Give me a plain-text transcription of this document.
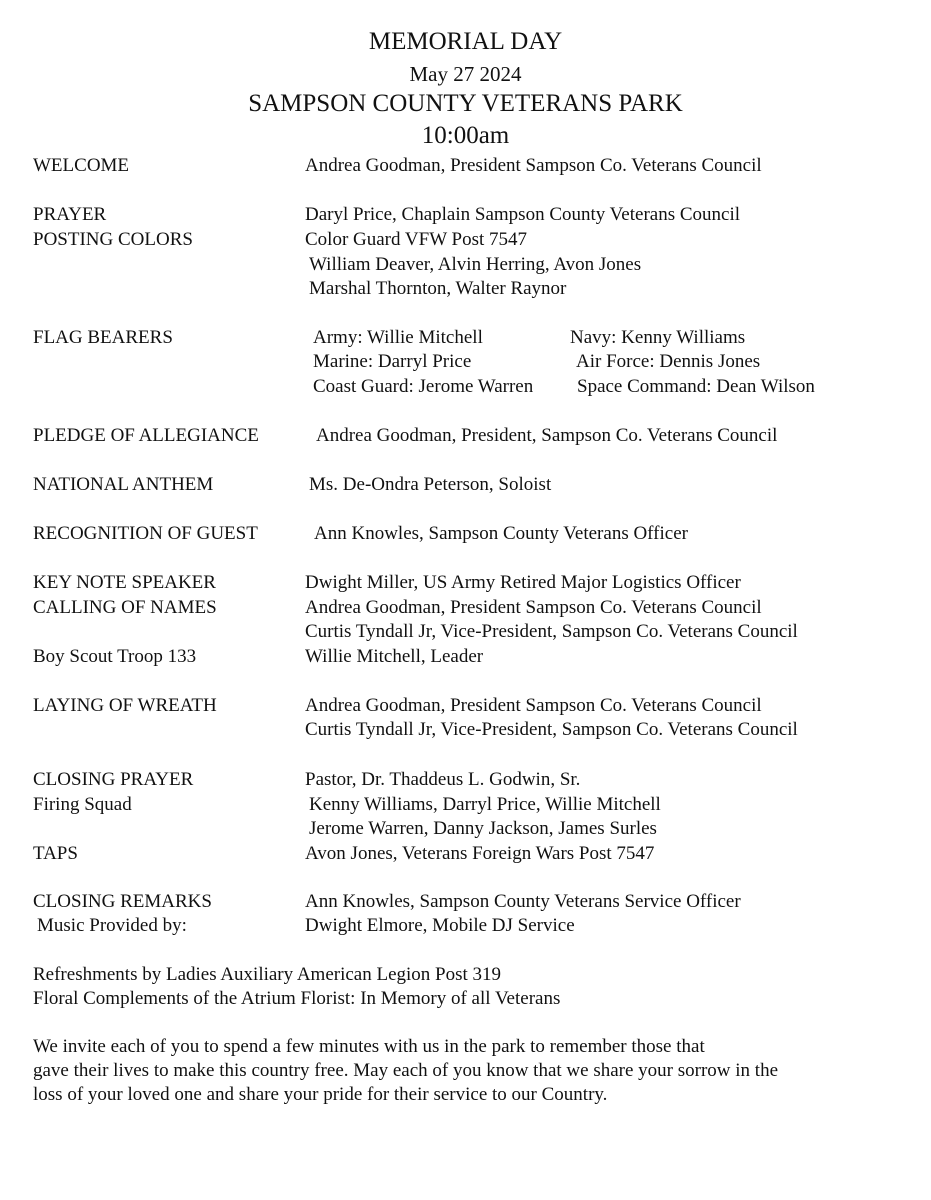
MEMORIAL DAY
May 27 2024
SAMPSON COUNTY VETERANS PARK
10:00am
WELCOME	Andrea Goodman, President Sampson Co. Veterans Council
PRAYER	Daryl Price, Chaplain Sampson County Veterans Council
POSTING COLORS	Color Guard VFW Post 7547
William Deaver, Alvin Herring, Avon Jones
Marshal Thornton, Walter Raynor
FLAG BEARERS	Army: Willie Mitchell	Navy: Kenny Williams
Marine: Darryl Price	Air Force: Dennis Jones
Coast Guard: Jerome Warren Space Command: Dean Wilson
PLEDGE OF ALLEGIANCE	Andrea Goodman, President, Sampson Co. Veterans Council
NATIONAL ANTHEM	Ms. De-Ondra Peterson, Soloist
RECOGNITION OF GUEST	Ann Knowles, Sampson County Veterans Officer
KEY NOTE SPEAKER	Dwight Miller, US Army Retired Major Logistics Officer
CALLING OF NAMES	Andrea Goodman, President Sampson Co. Veterans Council
Curtis Tyndall Jr, Vice-President, Sampson Co. Veterans Council
Boy Scout Troop 133	Willie Mitchell, Leader
LAYING OF WREATH	Andrea Goodman, President Sampson Co. Veterans Council
Curtis Tyndall Jr, Vice-President, Sampson Co. Veterans Council
CLOSING PRAYER	Pastor, Dr. Thaddeus L. Godwin, Sr.
Firing Squad	Kenny Williams, Darryl Price, Willie Mitchell
Jerome Warren, Danny Jackson, James Surles
TAPS	Avon Jones, Veterans Foreign Wars Post 7547
CLOSING REMARKS	Ann Knowles, Sampson County Veterans Service Officer
Music Provided by:	Dwight Elmore, Mobile DJ Service
Refreshments by Ladies Auxiliary American Legion Post 319
Floral Complements of the Atrium Florist: In Memory of all Veterans
We invite each of you to spend a few minutes with us in the park to remember those that
gave their lives to make this country free. May each of you know that we share your sorrow in the
loss of your loved one and share your pride for their service to our Country.
